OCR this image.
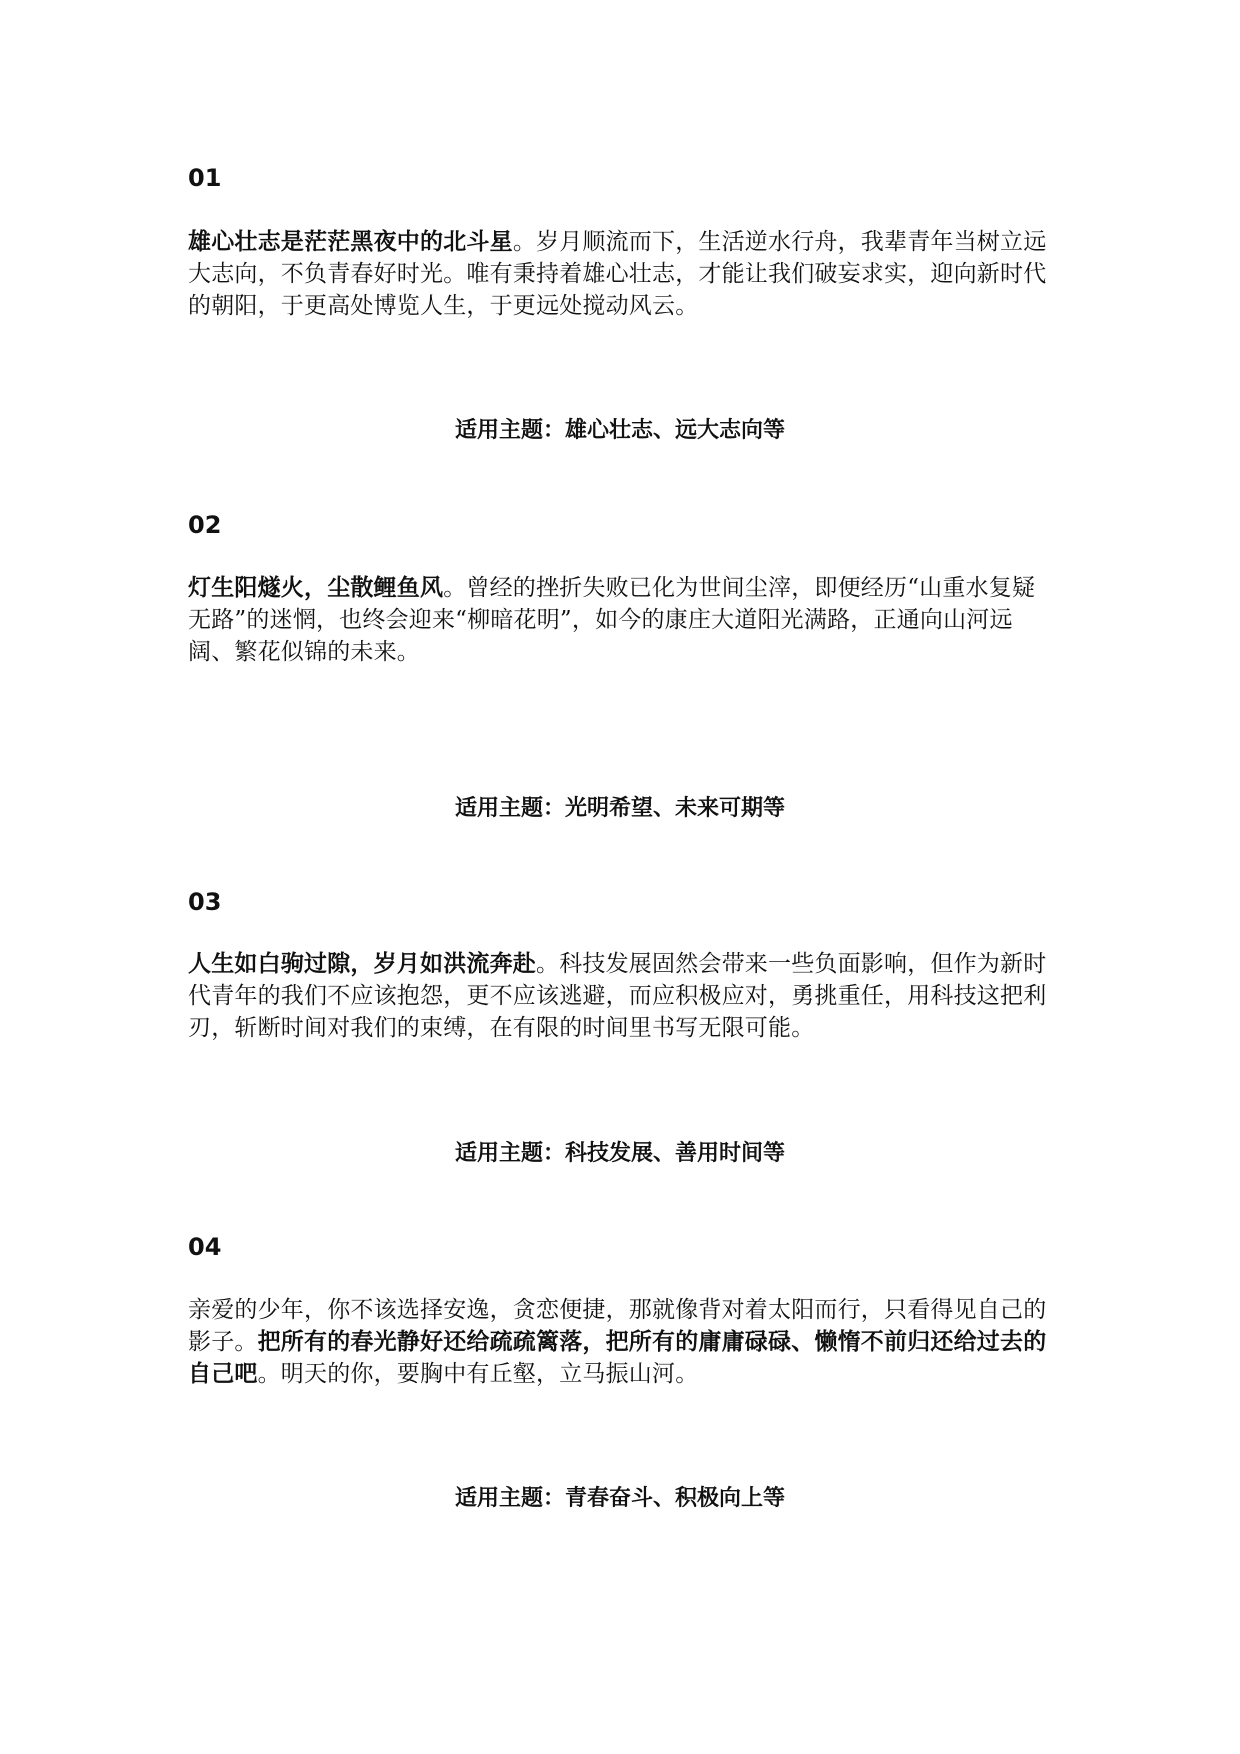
01

雄心壮志是茫茫黑夜中的北斗星。岁月顺流而下，生活逆水行舟，我辈青年当树立远大志向，不负青春好时光。唯有秉持着雄心壮志，才能让我们破妄求实，迎向新时代的朝阳，于更高处博览人生，于更远处搅动风云。

适用主题：雄心壮志、远大志向等

02

灯生阳燧火，尘散鲤鱼风。曾经的挫折失败已化为世间尘滓，即便经历“山重水复疑无路”的迷惘，也终会迎来“柳暗花明”，如今的康庄大道阳光满路，正通向山河远阔、繁花似锦的未来。

适用主题：光明希望、未来可期等

03

人生如白驹过隙，岁月如洪流奔赴。科技发展固然会带来一些负面影响，但作为新时代青年的我们不应该抱怨，更不应该逃避，而应积极应对，勇挑重任，用科技这把利刃，斩断时间对我们的束缚，在有限的时间里书写无限可能。

适用主题：科技发展、善用时间等

04

亲爱的少年，你不该选择安逸，贪恋便捷，那就像背对着太阳而行，只看得见自己的影子。把所有的春光静好还给疏疏篱落，把所有的庸庸碌碌、懒惰不前归还给过去的自己吧。明天的你，要胸中有丘壑，立马振山河。

适用主题：青春奋斗、积极向上等
